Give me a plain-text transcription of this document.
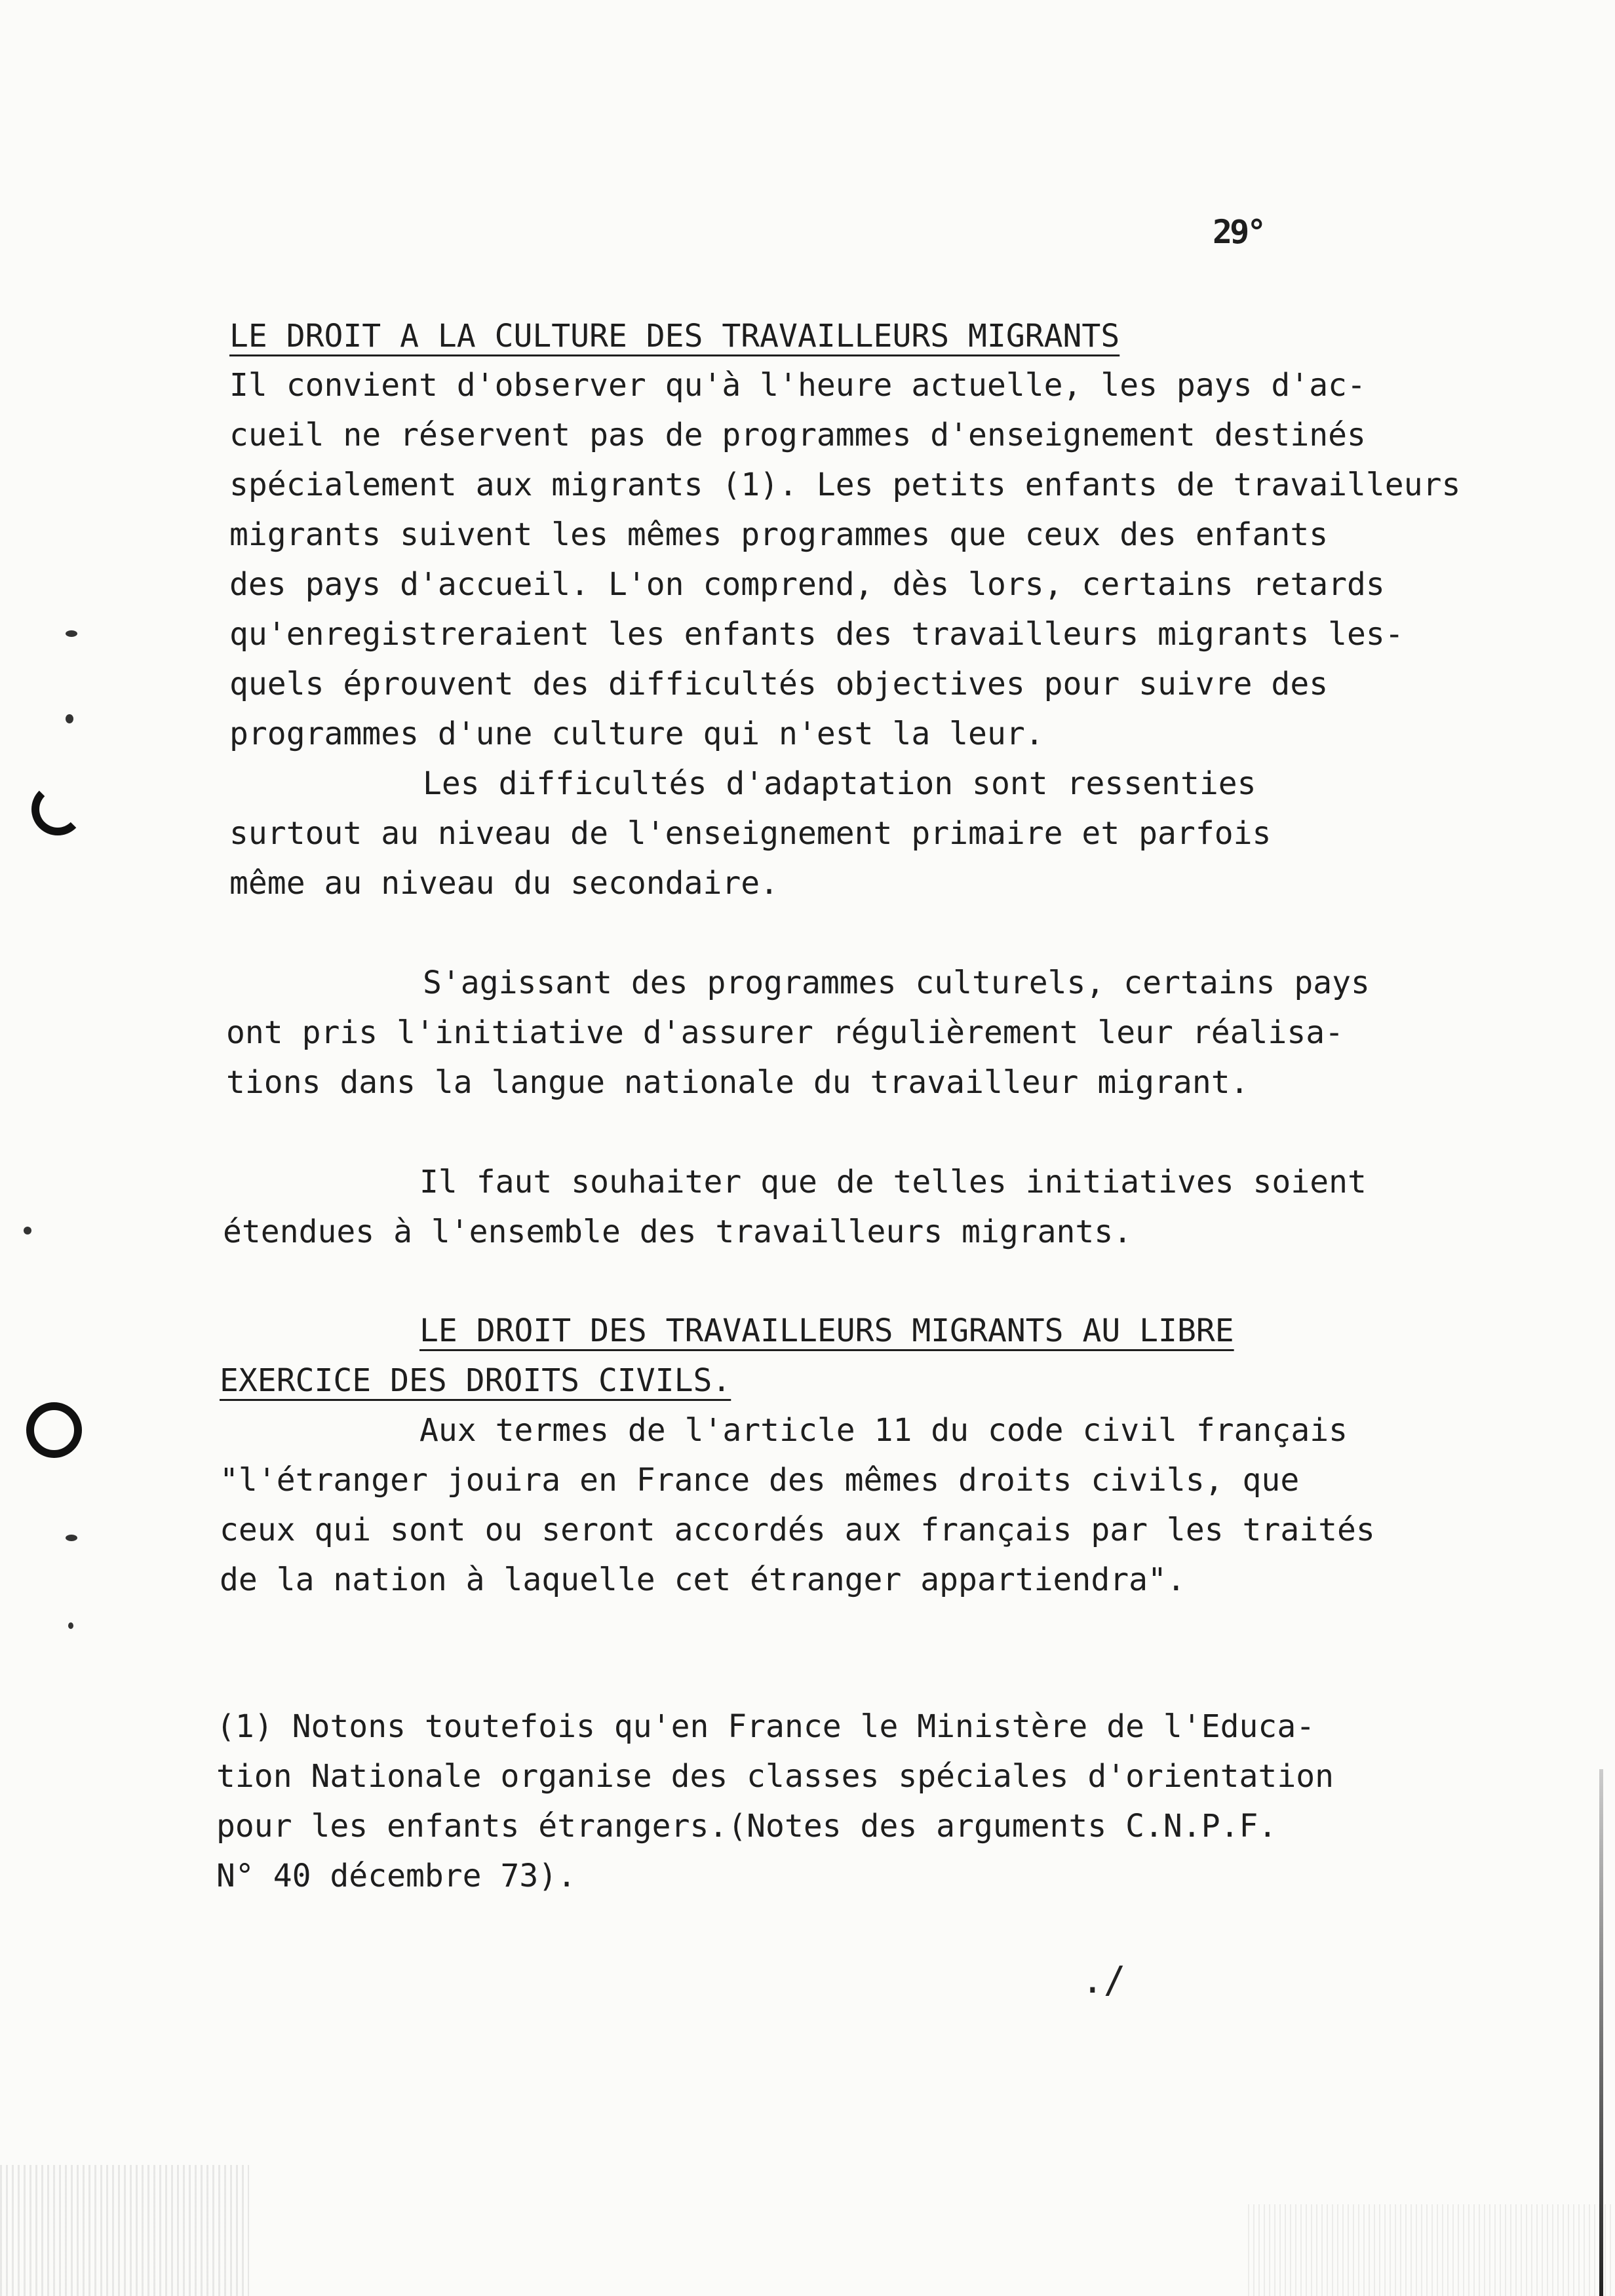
29°
LE DROIT A LA CULTURE DES TRAVAILLEURS MIGRANTS
Il convient d'observer qu'à l'heure actuelle, les pays d'ac-
cueil ne réservent pas de programmes d'enseignement destinés
spécialement aux migrants (1). Les petits enfants de travailleurs
migrants suivent les mêmes programmes que ceux des enfants
des pays d'accueil. L'on comprend, dès lors, certains retards
qu'enregistreraient les enfants des travailleurs migrants les-
quels éprouvent des difficultés objectives pour suivre des
programmes d'une culture qui n'est la leur.
Les difficultés d'adaptation sont ressenties
surtout au niveau de l'enseignement primaire et parfois
même au niveau du secondaire.
S'agissant des programmes culturels, certains pays
ont pris l'initiative d'assurer régulièrement leur réalisa-
tions dans la langue nationale du travailleur migrant.
Il faut souhaiter que de telles initiatives soient
étendues à l'ensemble des travailleurs migrants.
LE DROIT DES TRAVAILLEURS MIGRANTS AU LIBRE
EXERCICE DES DROITS CIVILS.
Aux termes de l'article 11 du code civil français
"l'étranger jouira en France des mêmes droits civils, que
ceux qui sont ou seront accordés aux français par les traités
de la nation à laquelle cet étranger appartiendra".
(1) Notons toutefois qu'en France le Ministère de l'Educa-
tion Nationale organise des classes spéciales d'orientation
pour les enfants étrangers.(Notes des arguments C.N.P.F.
N° 40 décembre 73).
./
